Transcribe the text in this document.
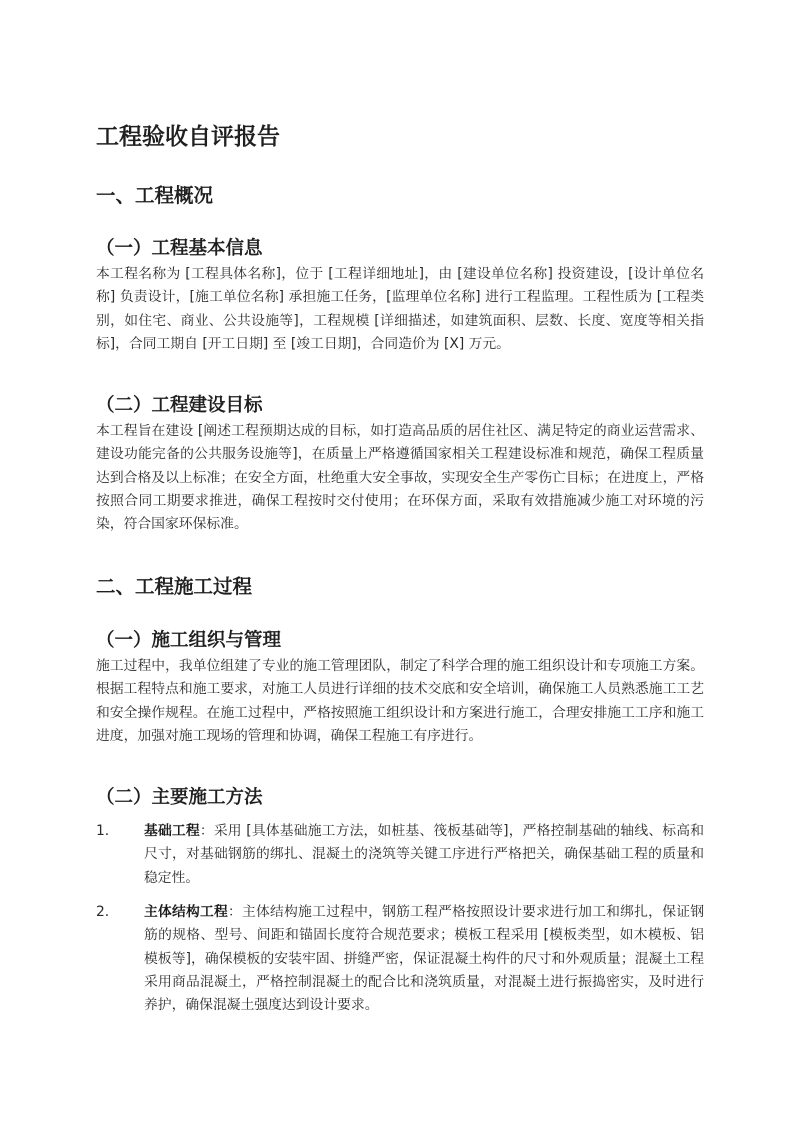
工程验收自评报告
一、工程概况
（一）工程基本信息

本工程名称为 [工程具体名称]，位于 [工程详细地址]，由 [建设单位名称] 投资建设，[设计单位名称] 负责设计，[施工单位名称] 承担施工任务，[监理单位名称] 进行工程监理。工程性质为 [工程类别，如住宅、商业、公共设施等]，工程规模 [详细描述，如建筑面积、层数、长度、宽度等相关指标]，合同工期自 [开工日期] 至 [竣工日期]，合同造价为 [X] 万元。

（二）工程建设目标

本工程旨在建设 [阐述工程预期达成的目标，如打造高品质的居住社区、满足特定的商业运营需求、建设功能完备的公共服务设施等]，在质量上严格遵循国家相关工程建设标准和规范，确保工程质量达到合格及以上标准；在安全方面，杜绝重大安全事故，实现安全生产零伤亡目标；在进度上，严格按照合同工期要求推进，确保工程按时交付使用；在环保方面，采取有效措施减少施工对环境的污染，符合国家环保标准。

二、工程施工过程
（一）施工组织与管理

施工过程中，我单位组建了专业的施工管理团队，制定了科学合理的施工组织设计和专项施工方案。根据工程特点和施工要求，对施工人员进行详细的技术交底和安全培训，确保施工人员熟悉施工工艺和安全操作规程。在施工过程中，严格按照施工组织设计和方案进行施工，合理安排施工工序和施工进度，加强对施工现场的管理和协调，确保工程施工有序进行。

（二）主要施工方法
1.	基础工程：采用 [具体基础施工方法，如桩基、筏板基础等]，严格控制基础的轴线、标高和尺寸，对基础钢筋的绑扎、混凝土的浇筑等关键工序进行严格把关，确保基础工程的质量和稳定性。

2.	主体结构工程：主体结构施工过程中，钢筋工程严格按照设计要求进行加工和绑扎，保证钢筋的规格、型号、间距和锚固长度符合规范要求；模板工程采用 [模板类型，如木模板、铝模板等]，确保模板的安装牢固、拼缝严密，保证混凝土构件的尺寸和外观质量；混凝土工程采用商品混凝土，严格控制混凝土的配合比和浇筑质量，对混凝土进行振捣密实，及时进行养护，确保混凝土强度达到设计要求。
